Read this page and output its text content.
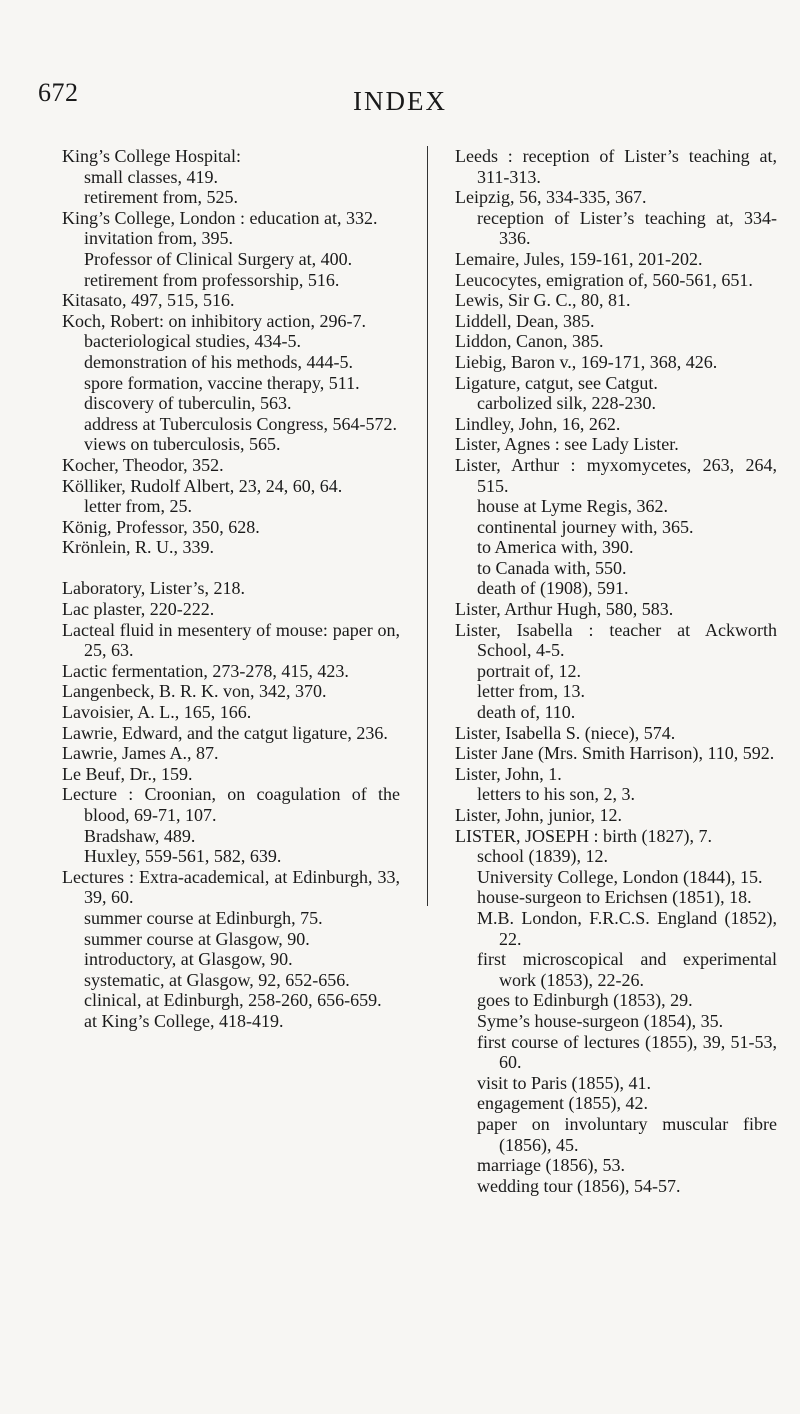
672	INDEX
King’s College Hospital:
small classes, 419.
retirement from, 525.
King’s College, London : education at, 332.
invitation from, 395.
Professor of Clinical Surgery at, 400.
retirement from professorship, 516.
Kitasato, 497, 515, 516.
Koch, Robert: on inhibitory action, 296-7.
bacteriological studies, 434-5.
demonstration of his methods, 444-5.
spore formation, vaccine therapy, 511.
discovery of tuberculin, 563.
address at Tuberculosis Congress, 564-572.
views on tuberculosis, 565.
Kocher, Theodor, 352.
Kölliker, Rudolf Albert, 23, 24, 60, 64.
letter from, 25.
König, Professor, 350, 628.
Krönlein, R. U., 339.
Laboratory, Lister’s, 218.
Lac plaster, 220-222.
Lacteal fluid in mesentery of mouse: paper on, 25, 63.
Lactic fermentation, 273-278, 415, 423.
Langenbeck, B. R. K. von, 342, 370.
Lavoisier, A. L., 165, 166.
Lawrie, Edward, and the catgut ligature, 236.
Lawrie, James A., 87.
Le Beuf, Dr., 159.
Lecture : Croonian, on coagulation of the blood, 69-71, 107.
Bradshaw, 489.
Huxley, 559-561, 582, 639.
Lectures : Extra-academical, at Edinburgh, 33, 39, 60.
summer course at Edinburgh, 75.
summer course at Glasgow, 90.
introductory, at Glasgow, 90.
systematic, at Glasgow, 92, 652-656.
clinical, at Edinburgh, 258-260, 656-659.
at King’s College, 418-419.
Leeds : reception of Lister’s teaching at, 311-313.
Leipzig, 56, 334-335, 367.
reception of Lister’s teaching at, 334-336.
Lemaire, Jules, 159-161, 201-202.
Leucocytes, emigration of, 560-561, 651.
Lewis, Sir G. C., 80, 81.
Liddell, Dean, 385.
Liddon, Canon, 385.
Liebig, Baron v., 169-171, 368, 426.
Ligature, catgut, see Catgut.
carbolized silk, 228-230.
Lindley, John, 16, 262.
Lister, Agnes : see Lady Lister.
Lister, Arthur : myxomycetes, 263, 264, 515.
house at Lyme Regis, 362.
continental journey with, 365.
to America with, 390.
to Canada with, 550.
death of (1908), 591.
Lister, Arthur Hugh, 580, 583.
Lister, Isabella : teacher at Ackworth School, 4-5.
portrait of, 12.
letter from, 13.
death of, 110.
Lister, Isabella S. (niece), 574.
Lister Jane (Mrs. Smith Harrison), 110, 592.
Lister, John, 1.
letters to his son, 2, 3.
Lister, John, junior, 12.
LISTER, JOSEPH : birth (1827), 7.
school (1839), 12.
University College, London (1844), 15.
house-surgeon to Erichsen (1851), 18.
M.B. London, F.R.C.S. England (1852), 22.
first microscopical and experimental work (1853), 22-26.
goes to Edinburgh (1853), 29.
Syme’s house-surgeon (1854), 35.
first course of lectures (1855), 39, 51-53, 60.
visit to Paris (1855), 41.
engagement (1855), 42.
paper on involuntary muscular fibre (1856), 45.
marriage (1856), 53.
wedding tour (1856), 54-57.
